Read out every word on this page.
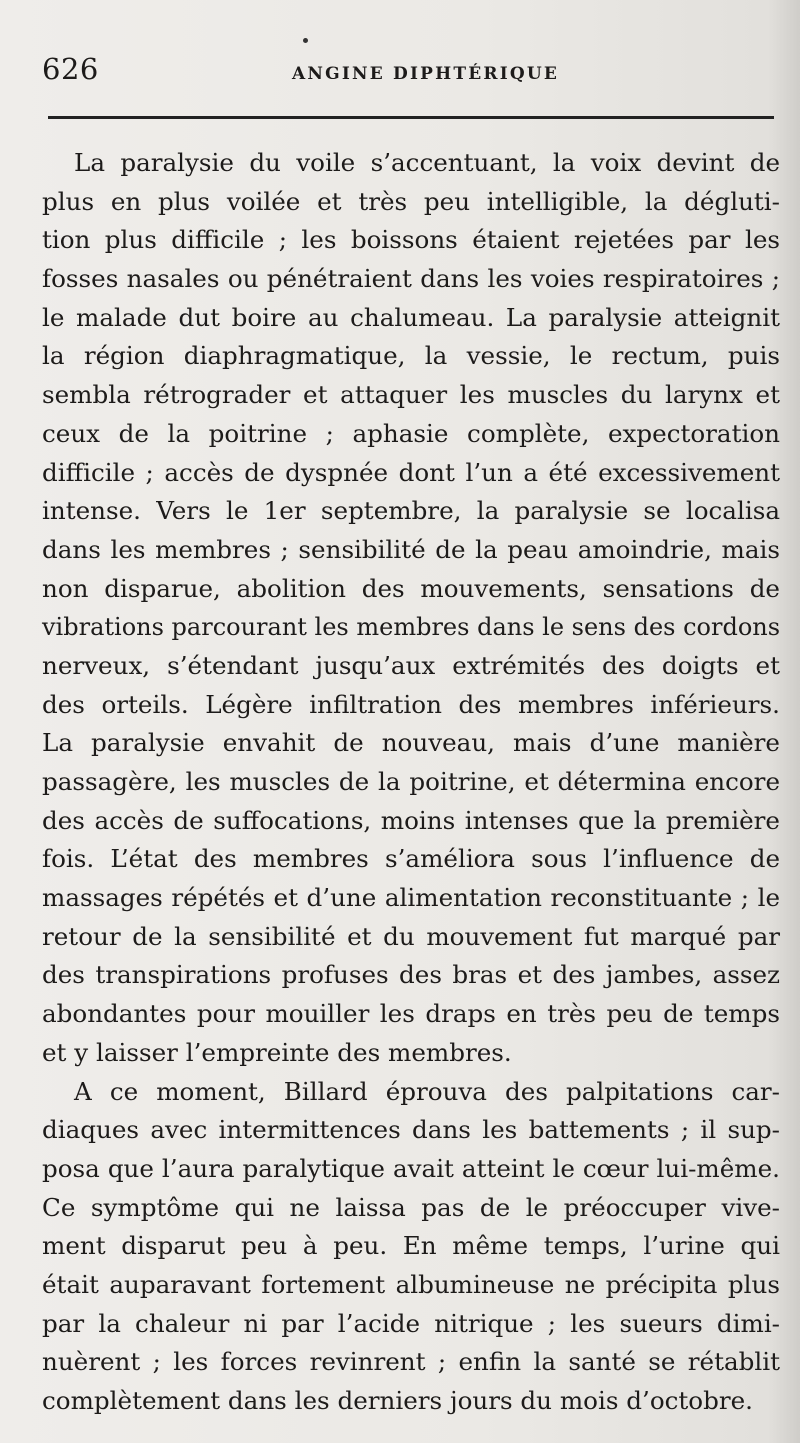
626	ANGINE DIPHTÉRIQUE
La paralysie du voile s’accentuant, la voix devint de
plus en plus voilée et très peu intelligible, la dégluti-
tion plus difficile ; les boissons étaient rejetées par les
fosses nasales ou pénétraient dans les voies respiratoires ;
le malade dut boire au chalumeau. La paralysie atteignit
la région diaphragmatique, la vessie, le rectum, puis
sembla rétrograder et attaquer les muscles du larynx et
ceux de la poitrine ; aphasie complète, expectoration
difficile ; accès de dyspnée dont l’un a été excessivement
intense. Vers le 1er septembre, la paralysie se localisa
dans les membres ; sensibilité de la peau amoindrie, mais
non disparue, abolition des mouvements, sensations de
vibrations parcourant les membres dans le sens des cordons
nerveux, s’étendant jusqu’aux extrémités des doigts et
des orteils. Légère infiltration des membres inférieurs.
La paralysie envahit de nouveau, mais d’une manière
passagère, les muscles de la poitrine, et détermina encore
des accès de suffocations, moins intenses que la première
fois. L’état des membres s’améliora sous l’influence de
massages répétés et d’une alimentation reconstituante ; le
retour de la sensibilité et du mouvement fut marqué par
des transpirations profuses des bras et des jambes, assez
abondantes pour mouiller les draps en très peu de temps
et y laisser l’empreinte des membres.
A ce moment, Billard éprouva des palpitations car-
diaques avec intermittences dans les battements ; il sup-
posa que l’aura paralytique avait atteint le cœur lui-même.
Ce symptôme qui ne laissa pas de le préoccuper vive-
ment disparut peu à peu. En même temps, l’urine qui
était auparavant fortement albumineuse ne précipita plus
par la chaleur ni par l’acide nitrique ; les sueurs dimi-
nuèrent ; les forces revinrent ; enfin la santé se rétablit
complètement dans les derniers jours du mois d’octobre.
